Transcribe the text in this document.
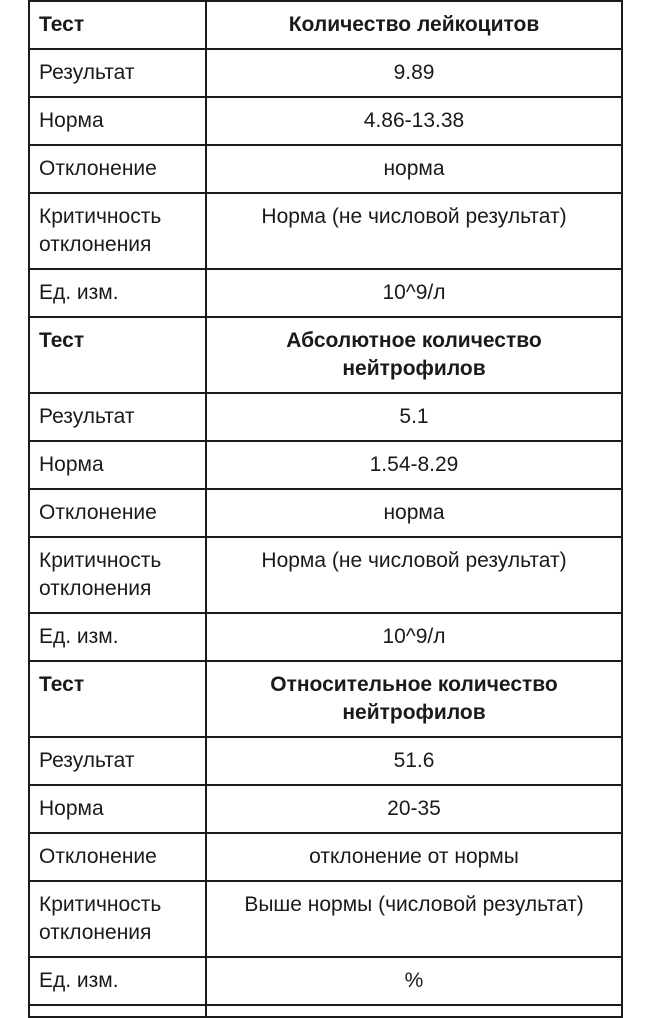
Тест	Количество лейкоцитов
Результат	9.89
Норма	4.86-13.38
Отклонение	норма
Критичность отклонения	Норма (не числовой результат)
Ед. изм.	10^9/л
Тест	Абсолютное количество нейтрофилов
Результат	5.1
Норма	1.54-8.29
Отклонение	норма
Критичность отклонения	Норма (не числовой результат)
Ед. изм.	10^9/л
Тест	Относительное количество нейтрофилов
Результат	51.6
Норма	20-35
Отклонение	отклонение от нормы
Критичность отклонения	Выше нормы (числовой результат)
Ед. изм.	%
